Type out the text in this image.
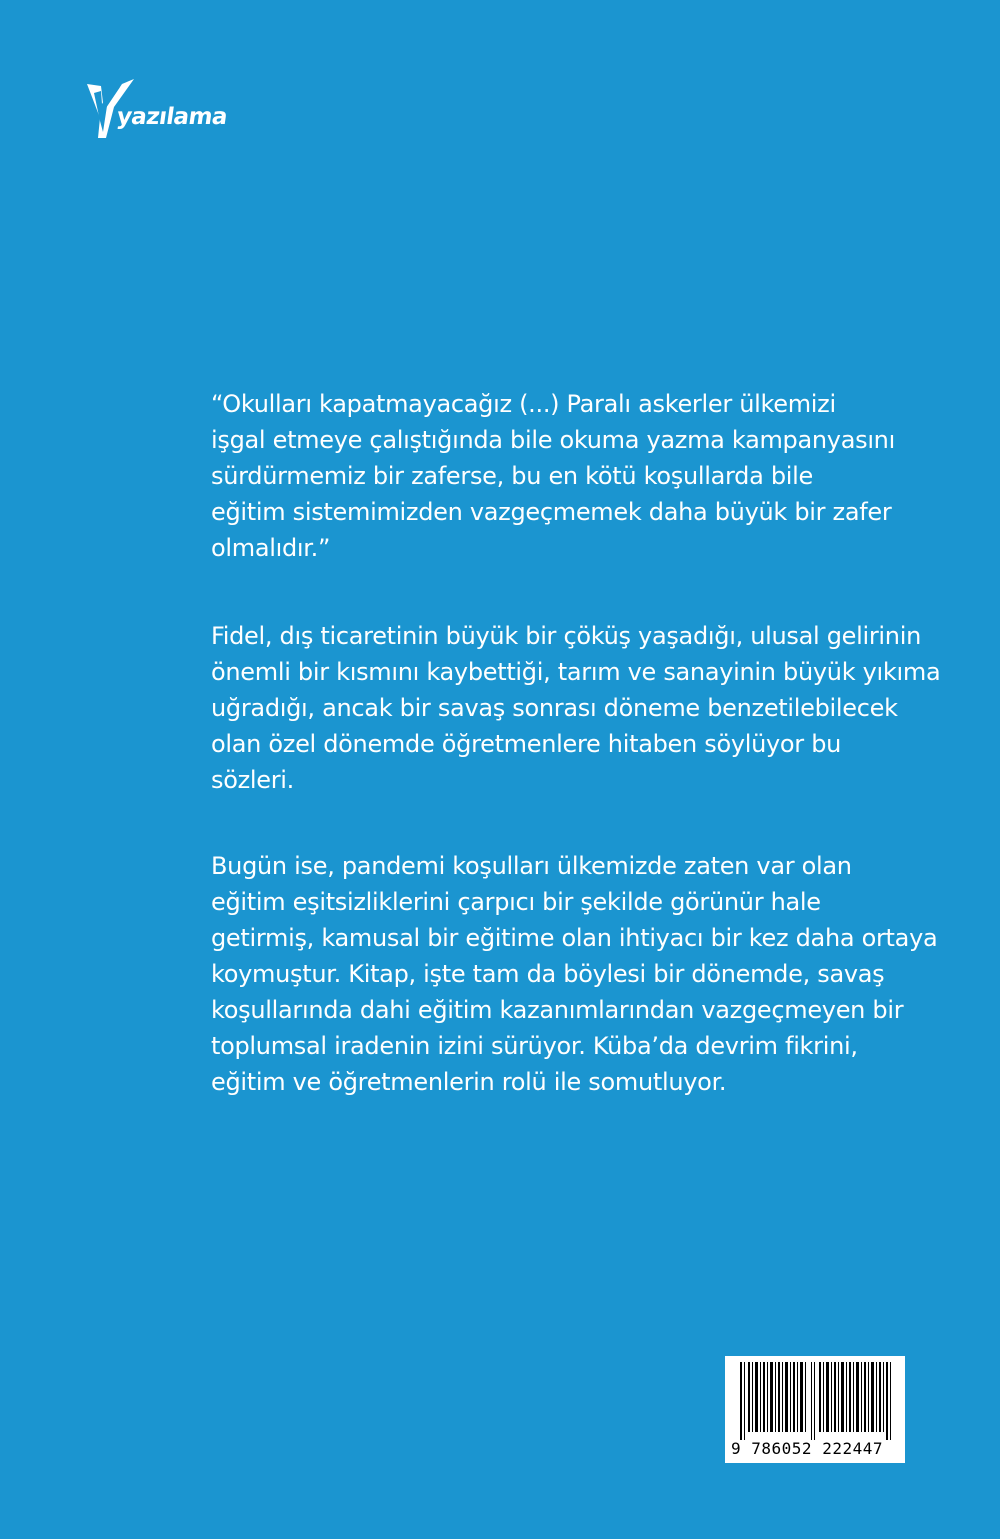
yazılama

“Okulları kapatmayacağız (...) Paralı askerler ülkemizi
işgal etmeye çalıştığında bile okuma yazma kampanyasını
sürdürmemiz bir zaferse, bu en kötü koşullarda bile
eğitim sistemimizden vazgeçmemek daha büyük bir zafer
olmalıdır.”

Fidel, dış ticaretinin büyük bir çöküş yaşadığı, ulusal gelirinin
önemli bir kısmını kaybettiği, tarım ve sanayinin büyük yıkıma
uğradığı, ancak bir savaş sonrası döneme benzetilebilecek
olan özel dönemde öğretmenlere hitaben söylüyor bu
sözleri.

Bugün ise, pandemi koşulları ülkemizde zaten var olan
eğitim eşitsizliklerini çarpıcı bir şekilde görünür hale
getirmiş, kamusal bir eğitime olan ihtiyacı bir kez daha ortaya
koymuştur. Kitap, işte tam da böylesi bir dönemde, savaş
koşullarında dahi eğitim kazanımlarından vazgeçmeyen bir
toplumsal iradenin izini sürüyor. Küba’da devrim fikrini,
eğitim ve öğretmenlerin rolü ile somutluyor.

9 786052 222447
